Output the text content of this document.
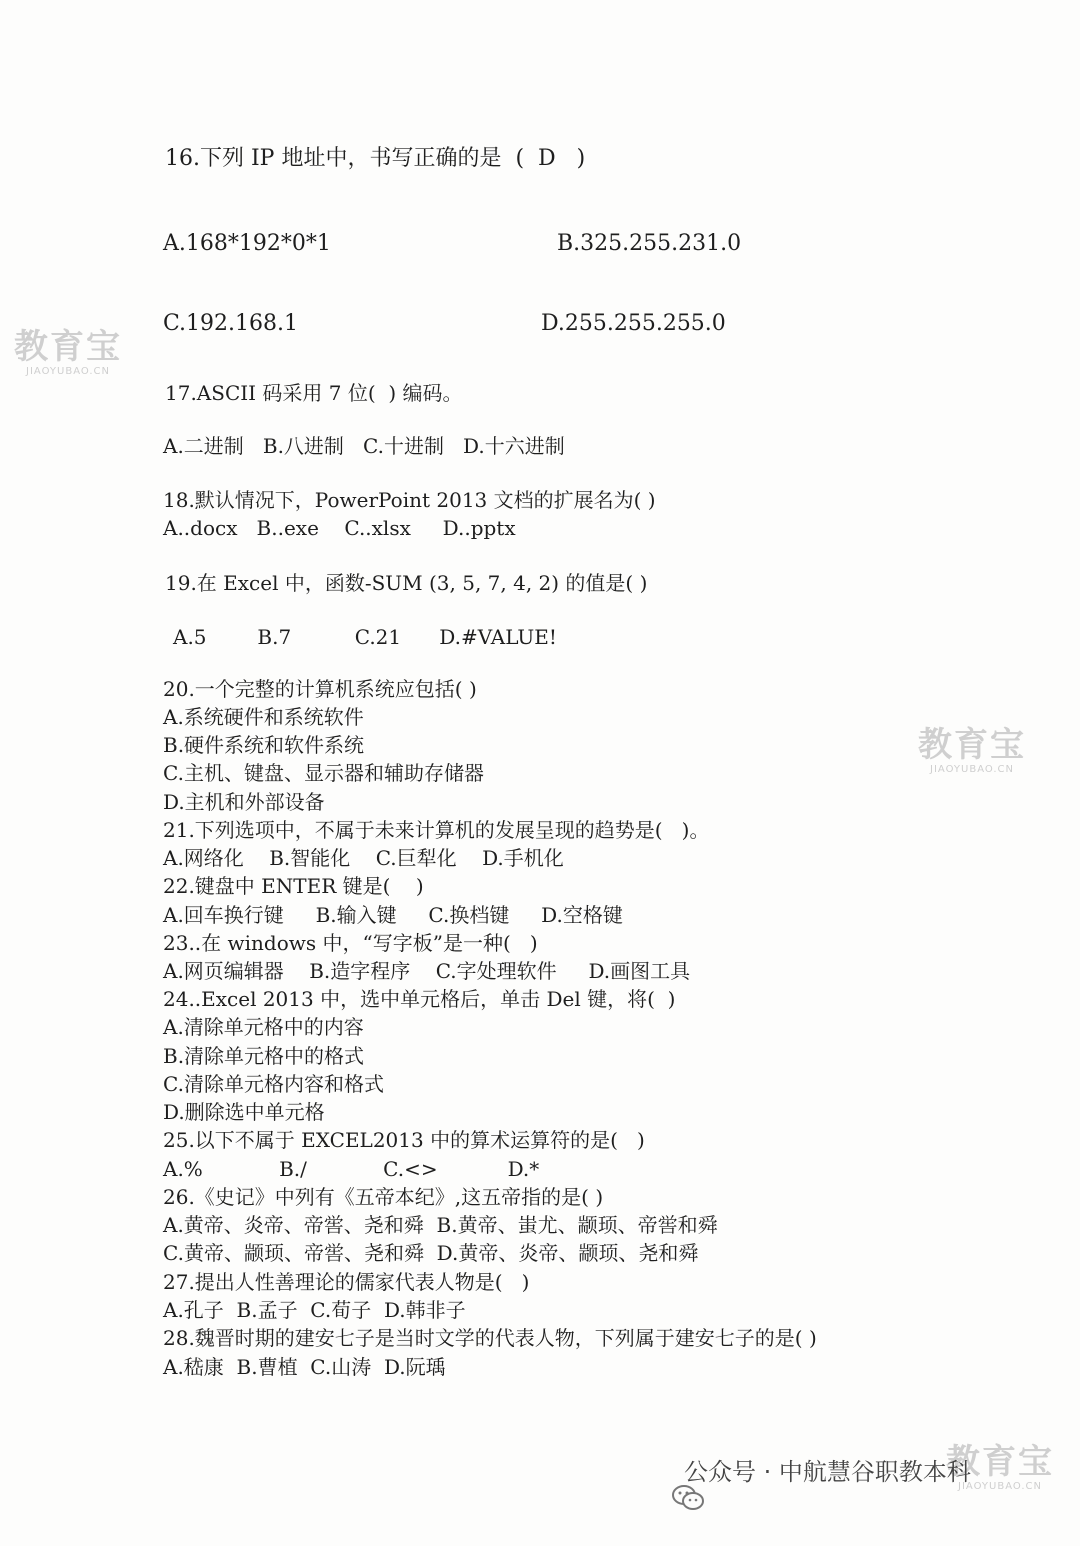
16.下列 IP 地址中，书写正确的是  (  D   )
A.168*192*0*1	B.325.255.231.0
C.192.168.1	D.255.255.255.0
17.ASCII 码采用 7 位(  ) 编码。
A.二进制   B.八进制   C.十进制   D.十六进制
18.默认情况下，PowerPoint 2013 文档的扩展名为( )
A..docx   B..exe    C..xlsx     D..pptx
19.在 Excel 中，函数-SUM (3, 5, 7, 4, 2) 的值是( )
A.5        B.7          C.21      D.#VALUE!
20.一个完整的计算机系统应包括( )
A.系统硬件和系统软件
B.硬件系统和软件系统
C.主机、键盘、显示器和辅助存储器
D.主机和外部设备
21.下列选项中，不属于未来计算机的发展呈现的趋势是(   )。
A.网络化    B.智能化    C.巨犁化    D.手机化
22.键盘中 ENTER 键是(    )
A.回车换行键     B.输入键     C.换档键     D.空格键
23..在 windows 中，“写字板”是一种(   )
A.网页编辑器    B.造字程序    C.字处理软件     D.画图工具
24..Excel 2013 中，选中单元格后，单击 Del 键，将(  )
A.清除单元格中的内容
B.清除单元格中的格式
C.清除单元格内容和格式
D.删除选中单元格
25.以下不属于 EXCEL2013 中的算术运算符的是(   )
A.%            B./            C.<>           D.*
26.《史记》中列有《五帝本纪》,这五帝指的是( )
A.黄帝、炎帝、帝喾、尧和舜  B.黄帝、蚩尤、颛顼、帝喾和舜
C.黄帝、颛顼、帝喾、尧和舜  D.黄帝、炎帝、颛顼、尧和舜
27.提出人性善理论的儒家代表人物是(   )
A.孔子  B.孟子  C.荀子  D.韩非子
28.魏晋时期的建安七子是当时文学的代表人物，下列属于建安七子的是( )
A.嵇康  B.曹植  C.山涛  D.阮瑀
教育宝
JIAOYUBAO.CN
教育宝
JIAOYUBAO.CN
教育宝
JIAOYUBAO.CN

公众号 · 中航慧谷职教本科
